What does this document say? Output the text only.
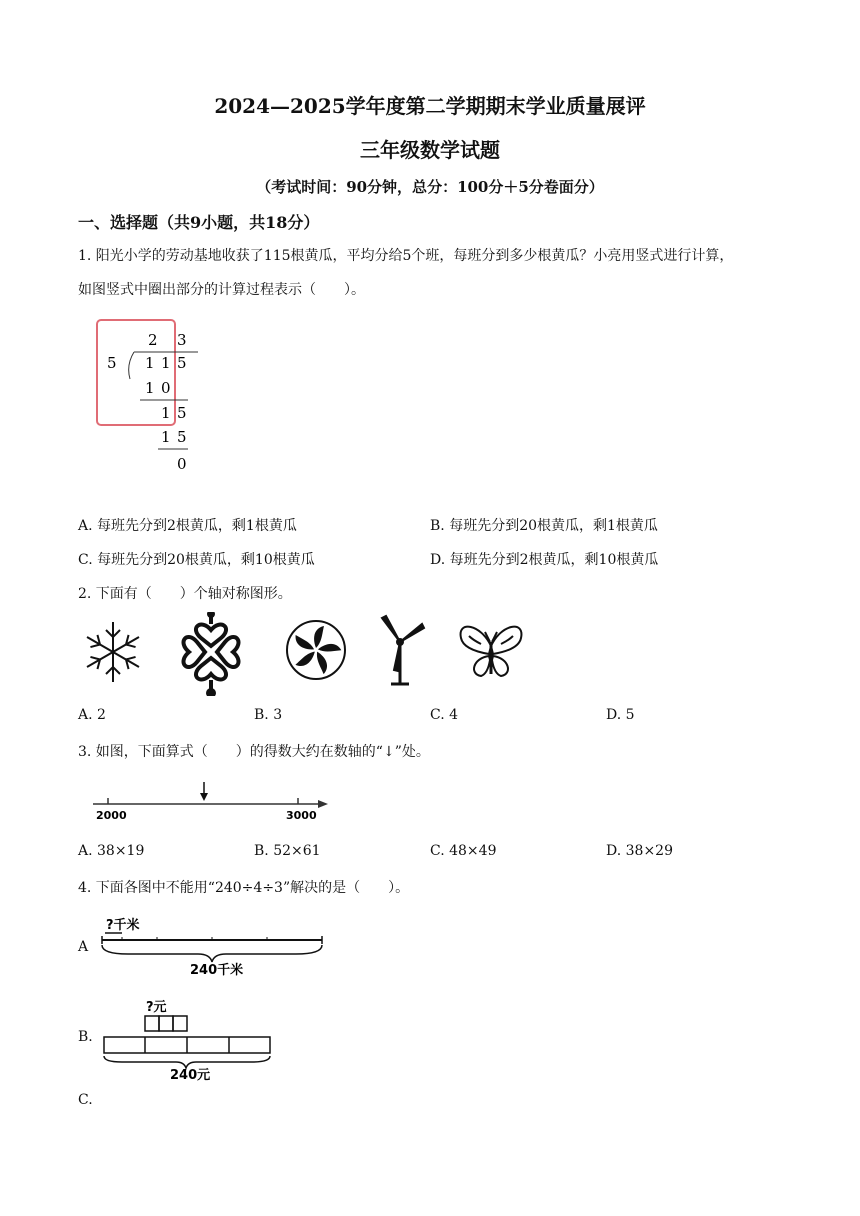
2024—2025学年度第二学期期末学业质量展评
三年级数学试题
（考试时间：90分钟，总分：100分＋5分卷面分）
一、选择题（共9小题，共18分）
1. 阳光小学的劳动基地收获了115根黄瓜，平均分给5个班，每班分到多少根黄瓜？小亮用竖式进行计算，
如图竖式中圈出部分的计算过程表示（　　）。
2 3
5 1 1 5
1 0
1 5
1 5
0
A. 每班先分到2根黄瓜，剩1根黄瓜	B. 每班先分到20根黄瓜，剩1根黄瓜
C. 每班先分到20根黄瓜，剩10根黄瓜	D. 每班先分到2根黄瓜，剩10根黄瓜
2. 下面有（　　）个轴对称图形。
A. 2	B. 3	C. 4	D. 5
3. 如图，下面算式（　　）的得数大约在数轴的“↓”处。
2000	3000
A. 38×19	B. 52×61	C. 48×49	D. 38×29
4. 下面各图中不能用“240÷4÷3”解决的是（　　）。
A
?千米
240千米
B.
?元
240元
C.
